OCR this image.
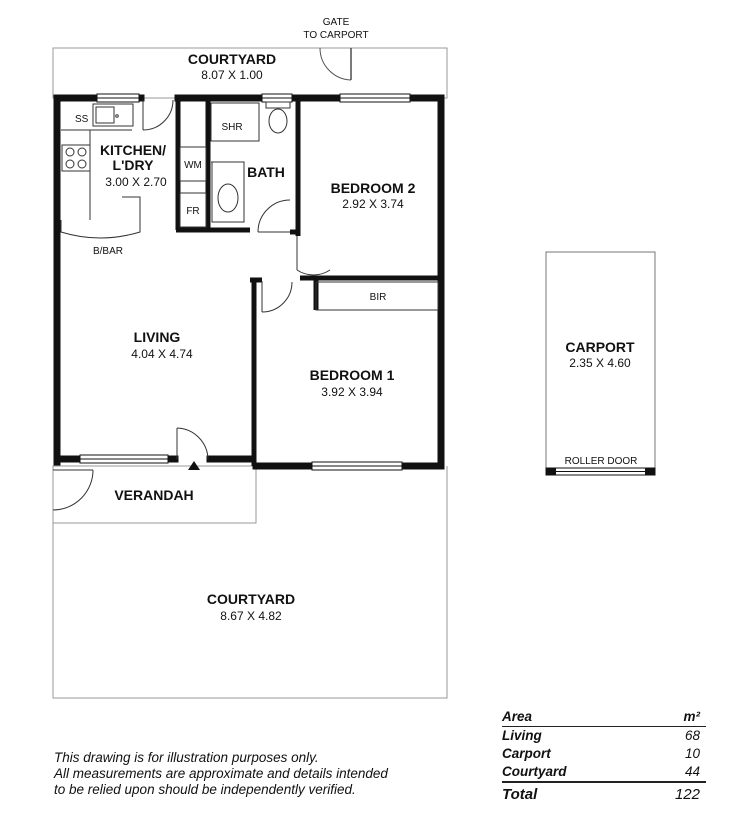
GATE
TO CARPORT
COURTYARD
8.07 X 1.00
SS
KITCHEN/
L'DRY
3.00 X 2.70
WM
FR
SHR
BATH
BEDROOM 2
2.92 X 3.74
B/BAR
BIR
LIVING
4.04 X 4.74
BEDROOM 1
3.92 X 3.94
CARPORT
2.35 X 4.60
ROLLER DOOR
VERANDAH
COURTYARD
8.67 X 4.82
This drawing is for illustration purposes only.
All measurements are approximate and details intended
to be relied upon should be independently verified.
Area	m²
Living	68
Carport	10
Courtyard	44
Total	122
